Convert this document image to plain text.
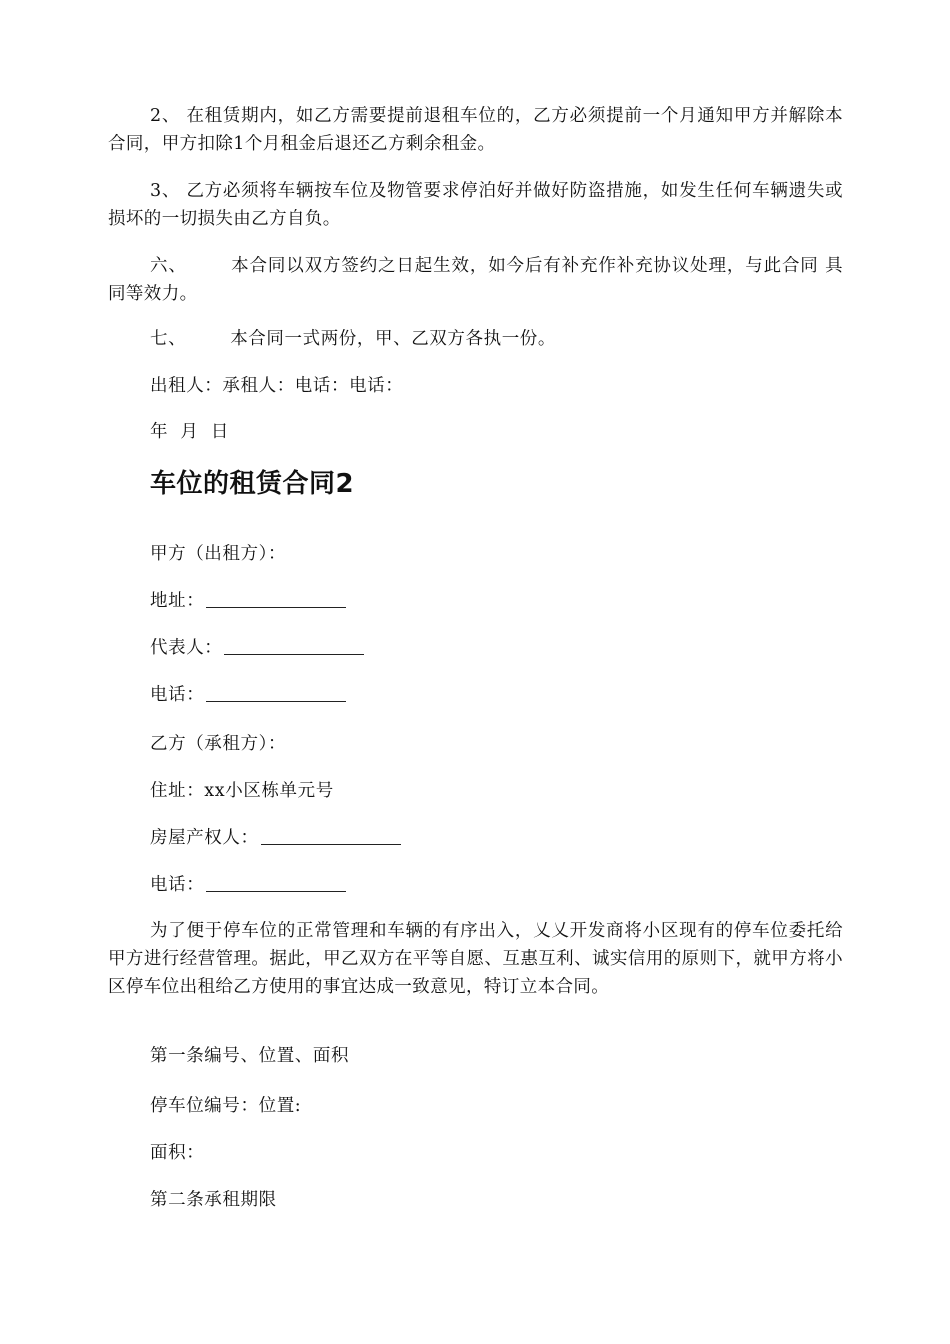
2、 在租赁期内，如乙方需要提前退租车位的，乙方必须提前一个月通知甲方并解除本合同，甲方扣除1个月租金后退还乙方剩余租金。

3、 乙方必须将车辆按车位及物管要求停泊好并做好防盗措施，如发生任何车辆遗失或损坏的一切损失由乙方自负。

六、	本合同以双方签约之日起生效，如今后有补充作补充协议处理，与此合同 具同等效力。

七、	本合同一式两份，甲、乙双方各执一份。

出租人：承租人：电话：电话：

年  月  日

车位的租赁合同2

甲方（出租方）：

地址：

代表人：

电话：

乙方（承租方）：

住址：xx小区栋单元号

房屋产权人：

电话：

为了便于停车位的正常管理和车辆的有序出入，乂乂开发商将小区现有的停车位委托给甲方进行经营管理。据此，甲乙双方在平等自愿、互惠互利、诚实信用的原则下，就甲方将小区停车位出租给乙方使用的事宜达成一致意见，特订立本合同。

第一条编号、位置、面积

停车位编号：位置:

面积：

第二条承租期限
